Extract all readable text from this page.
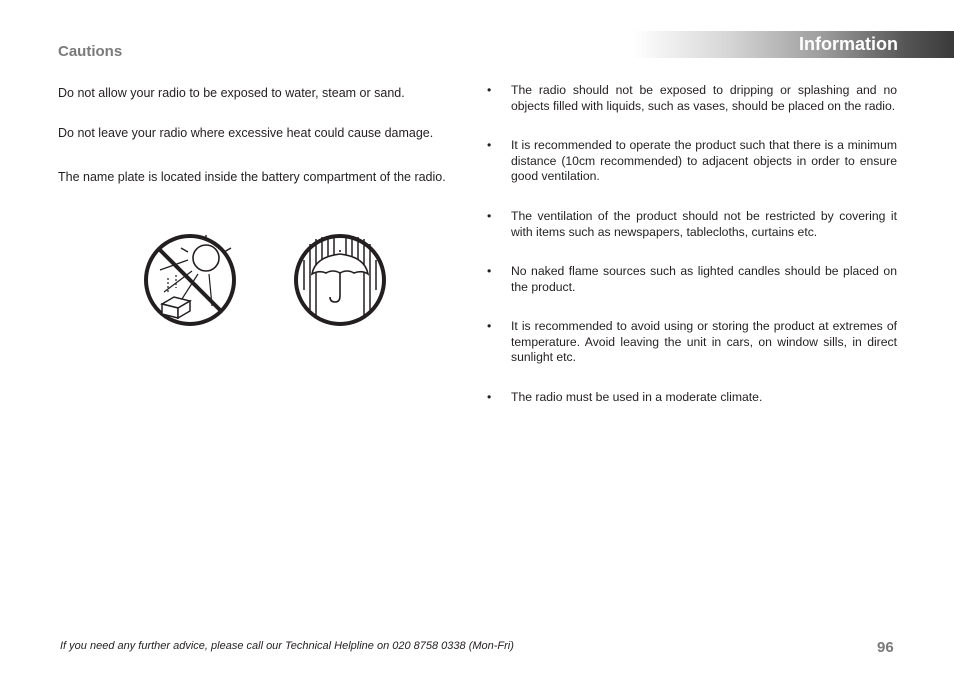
Information
Cautions

Do not allow your radio to be exposed to water, steam or sand.

Do not leave your radio where excessive heat could cause damage.

The name plate is located inside the battery compartment of the radio.

•	The radio should not be exposed to dripping or splashing and no objects filled with liquids, such as vases, should be placed on the radio.
•	It is recommended to operate the product such that there is a minimum distance (10cm recommended) to adjacent objects in order to ensure good ventilation.
•	The ventilation of the product should not be restricted by covering it with items such as newspapers, tablecloths, curtains etc.
•	No naked flame sources such as lighted candles should be placed on the product.
•	It is recommended to avoid using or storing the product at extremes of temperature. Avoid leaving the unit in cars, on window sills, in direct sunlight etc.
•	The radio must be used in a moderate climate.
If you need any further advice, please call our Technical Helpline on 020 8758 0338 (Mon-Fri)	96
